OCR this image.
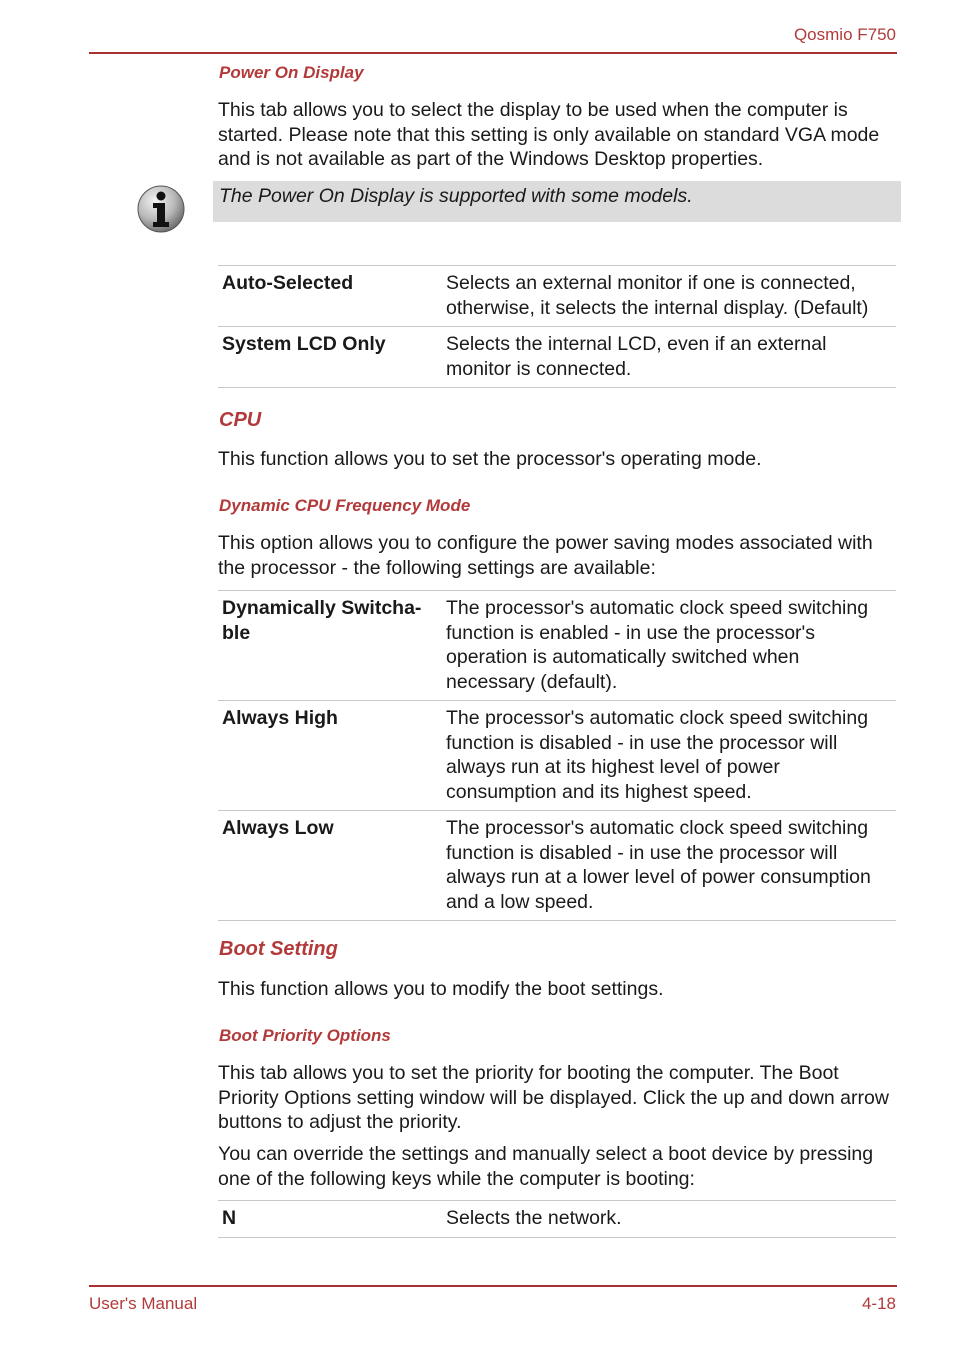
Qosmio F750
Power On Display
This tab allows you to select the display to be used when the computer is started. Please note that this setting is only available on standard VGA mode and is not available as part of the Windows Desktop properties.
The Power On Display is supported with some models.
Auto-Selected	Selects an external monitor if one is connected, otherwise, it selects the internal display. (Default)
System LCD Only	Selects the internal LCD, even if an external monitor is connected.
CPU
This function allows you to set the processor's operating mode.
Dynamic CPU Frequency Mode
This option allows you to configure the power saving modes associated with the processor - the following settings are available:
Dynamically Switcha- ble	The processor's automatic clock speed switching function is enabled - in use the processor's operation is automatically switched when necessary (default).
Always High	The processor's automatic clock speed switching function is disabled - in use the processor will always run at its highest level of power consumption and its highest speed.
Always Low	The processor's automatic clock speed switching function is disabled - in use the processor will always run at a lower level of power consumption and a low speed.
Boot Setting
This function allows you to modify the boot settings.
Boot Priority Options
This tab allows you to set the priority for booting the computer. The Boot Priority Options setting window will be displayed. Click the up and down arrow buttons to adjust the priority.
You can override the settings and manually select a boot device by pressing one of the following keys while the computer is booting:
N	Selects the network.
User's Manual	4-18
